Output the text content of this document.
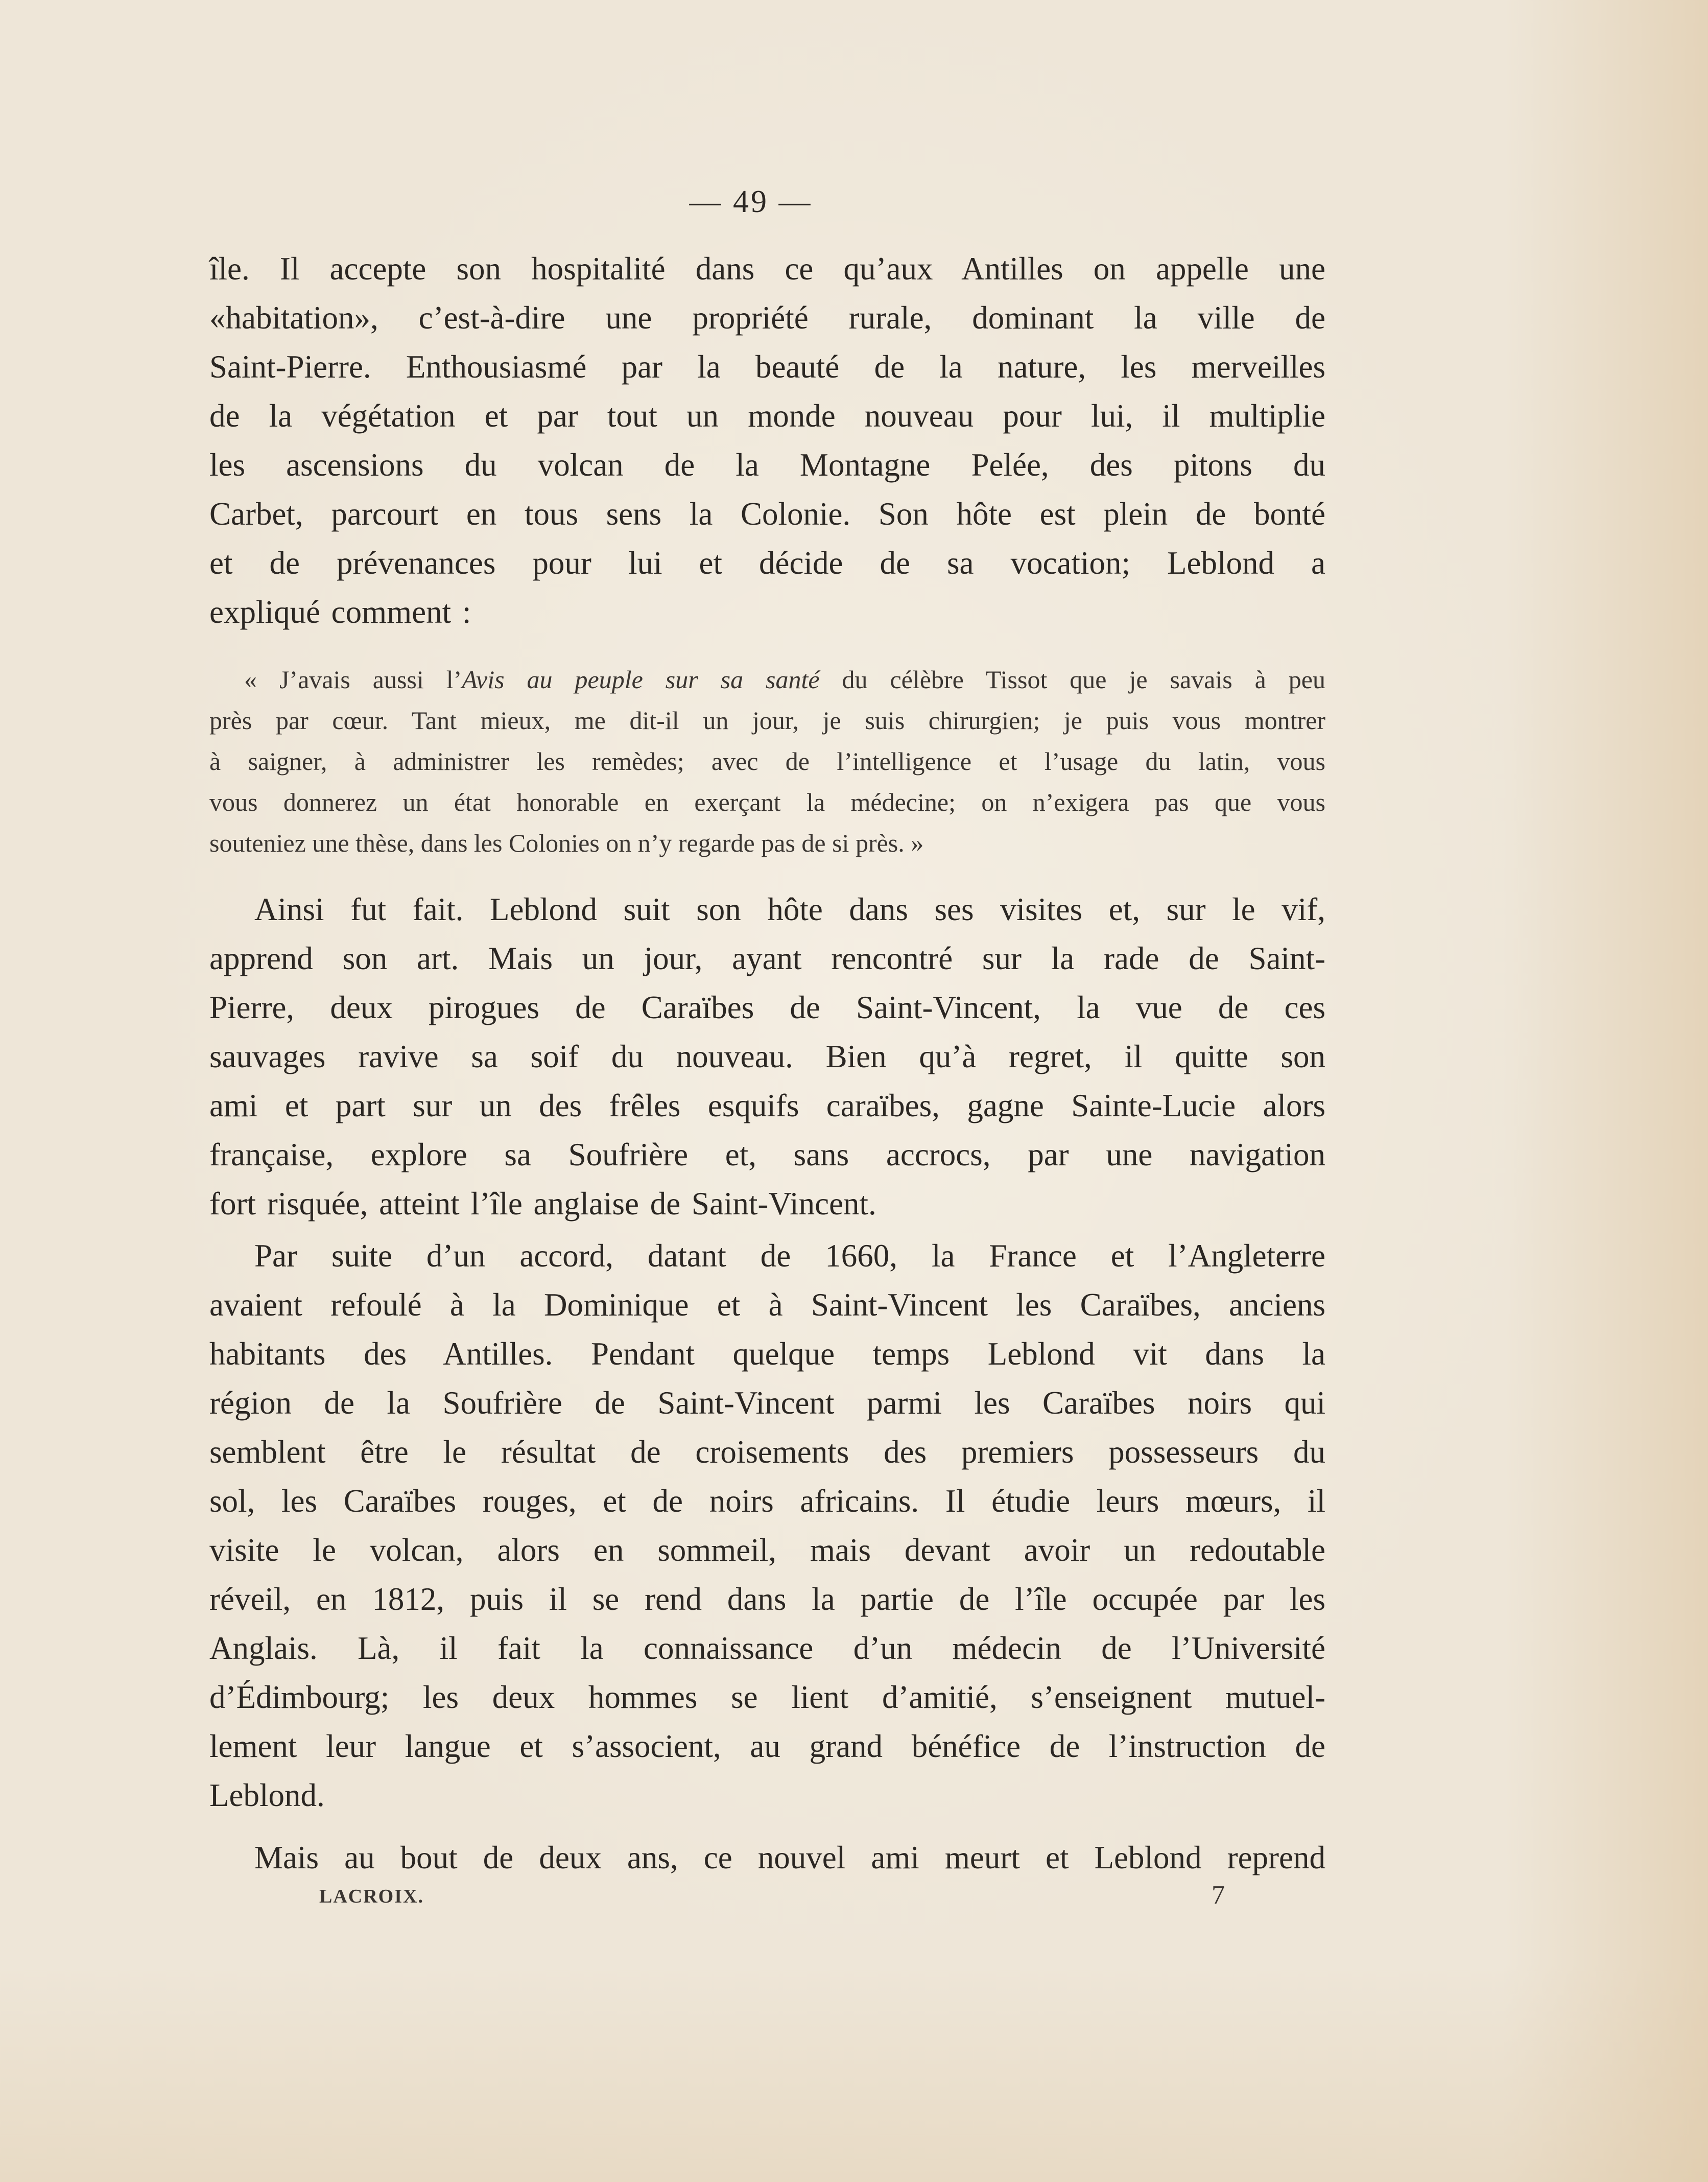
— 49 —
île. Il accepte son hospitalité dans ce qu’aux Antilles on appelle une
«habitation», c’est-à-dire une propriété rurale, dominant la ville de
Saint-Pierre. Enthousiasmé par la beauté de la nature, les merveilles
de la végétation et par tout un monde nouveau pour lui, il multiplie
les ascensions du volcan de la Montagne Pelée, des pitons du
Carbet, parcourt en tous sens la Colonie. Son hôte est plein de bonté
et de prévenances pour lui et décide de sa vocation; Leblond a
expliqué comment :
« J’avais aussi l’Avis au peuple sur sa santé du célèbre Tissot que je savais à peu
près par cœur. Tant mieux, me dit-il un jour, je suis chirurgien; je puis vous montrer
à saigner, à administrer les remèdes; avec de l’intelligence et l’usage du latin, vous
vous donnerez un état honorable en exerçant la médecine; on n’exigera pas que vous
souteniez une thèse, dans les Colonies on n’y regarde pas de si près. »
Ainsi fut fait. Leblond suit son hôte dans ses visites et, sur le vif,
apprend son art. Mais un jour, ayant rencontré sur la rade de Saint-
Pierre, deux pirogues de Caraïbes de Saint-Vincent, la vue de ces
sauvages ravive sa soif du nouveau. Bien qu’à regret, il quitte son
ami et part sur un des frêles esquifs caraïbes, gagne Sainte-Lucie alors
française, explore sa Soufrière et, sans accrocs, par une navigation
fort risquée, atteint l’île anglaise de Saint-Vincent.
Par suite d’un accord, datant de 1660, la France et l’Angleterre
avaient refoulé à la Dominique et à Saint-Vincent les Caraïbes, anciens
habitants des Antilles. Pendant quelque temps Leblond vit dans la
région de la Soufrière de Saint-Vincent parmi les Caraïbes noirs qui
semblent être le résultat de croisements des premiers possesseurs du
sol, les Caraïbes rouges, et de noirs africains. Il étudie leurs mœurs, il
visite le volcan, alors en sommeil, mais devant avoir un redoutable
réveil, en 1812, puis il se rend dans la partie de l’île occupée par les
Anglais. Là, il fait la connaissance d’un médecin de l’Université
d’Édimbourg; les deux hommes se lient d’amitié, s’enseignent mutuel-
lement leur langue et s’associent, au grand bénéfice de l’instruction de
Leblond.
Mais au bout de deux ans, ce nouvel ami meurt et Leblond reprend
LACROIX.	7
